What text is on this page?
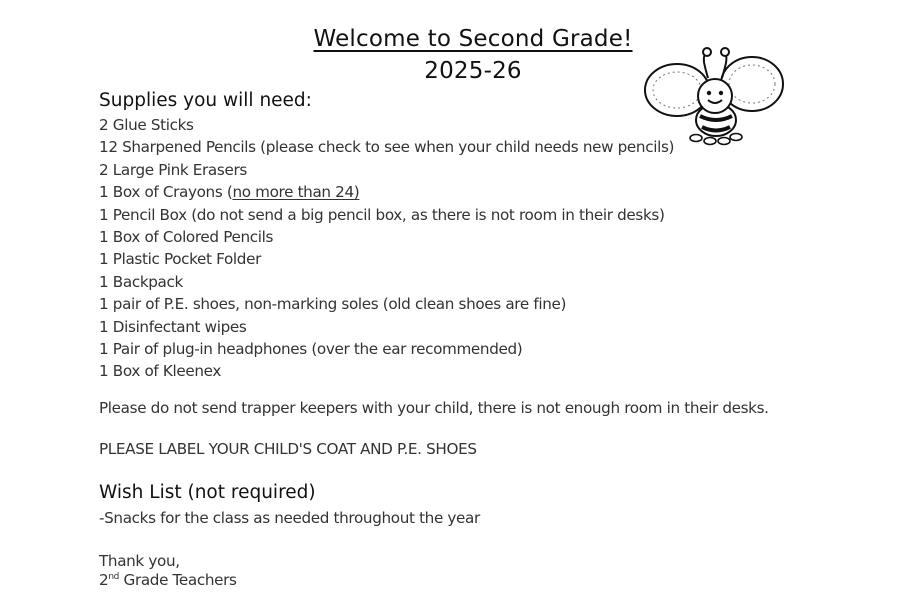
Welcome to Second Grade!
2025-26
Supplies you will need:
2 Glue Sticks
12 Sharpened Pencils (please check to see when your child needs new pencils)
2 Large Pink Erasers
1 Box of Crayons (no more than 24)
1 Pencil Box (do not send a big pencil box, as there is not room in their desks)
1 Box of Colored Pencils
1 Plastic Pocket Folder
1 Backpack
1 pair of P.E. shoes, non-marking soles (old clean shoes are fine)
1 Disinfectant wipes
1 Pair of plug-in headphones (over the ear recommended)
1 Box of Kleenex
Please do not send trapper keepers with your child, there is not enough room in their desks.
PLEASE LABEL YOUR CHILD'S COAT AND P.E. SHOES
Wish List (not required)
-Snacks for the class as needed throughout the year
Thank you,
2nd Grade Teachers
